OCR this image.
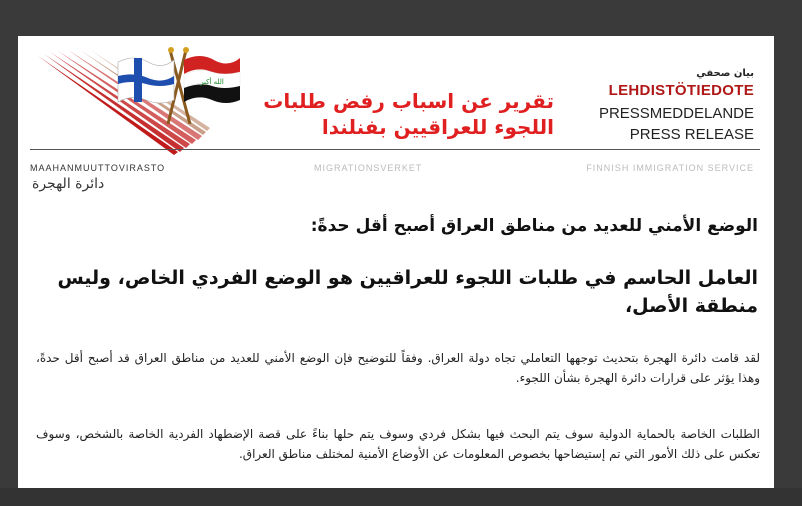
الله أكبر
تقرير عن اسباب رفض طلبات
اللجوء للعراقيين بفنلندا
بيان صحفي
LEHDISTÖTIEDOTE
PRESSMEDDELANDE
PRESS RELEASE
MAAHANMUUTTOVIRASTO	MIGRATIONSVERKET	FINNISH IMMIGRATION SERVICE
دائرة الهجرة
الوضع الأمني للعديد من مناطق العراق أصبح أقل حدةً:
العامل الحاسم في طلبات اللجوء للعراقيين هو الوضع الفردي الخاص، وليس منطقة الأصل،
لقد قامت دائرة الهجرة بتحديث توجهها التعاملي تجاه دولة العراق. وفقاً للتوضيح فإن الوضع الأمني للعديد من مناطق العراق قد أصبح أقل حدةً، وهذا يؤثر على قرارات دائرة الهجرة بشأن اللجوء.
الطلبات الخاصة بالحماية الدولية سوف يتم البحث فيها بشكل فردي وسوف يتم حلها بناءً على قصة الإضطهاد الفردية الخاصة بالشخص، وسوف تعكس على ذلك الأمور التي تم إستيضاحها بخصوص المعلومات عن الأوضاع الأمنية لمختلف مناطق العراق.
